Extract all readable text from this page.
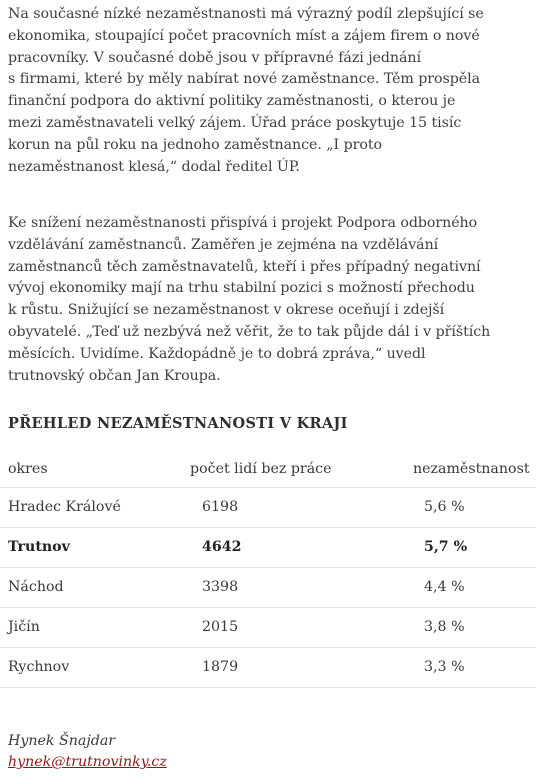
Na současné nízké nezaměstnanosti má výrazný podíl zlepšující se
ekonomika, stoupající počet pracovních míst a zájem firem o nové
pracovníky. V současné době jsou v přípravné fázi jednání
s firmami, které by měly nabírat nové zaměstnance. Těm prospěla
finanční podpora do aktivní politiky zaměstnanosti, o kterou je
mezi zaměstnavateli velký zájem. Úřad práce poskytuje 15 tisíc
korun na půl roku na jednoho zaměstnance. „I proto
nezaměstnanost klesá,“ dodal ředitel ÚP.

Ke snížení nezaměstnanosti přispívá i projekt Podpora odborného
vzdělávání zaměstnanců. Zaměřen je zejména na vzdělávání
zaměstnanců těch zaměstnavatelů, kteří i přes případný negativní
vývoj ekonomiky mají na trhu stabilní pozici s možností přechodu
k růstu. Snižující se nezaměstnanost v okrese oceňují i zdejší
obyvatelé. „Teď už nezbývá než věřit, že to tak půjde dál i v příštích
měsících. Uvidíme. Každopádně je to dobrá zpráva,“ uvedl
trutnovský občan Jan Kroupa.

PŘEHLED NEZAMĚSTNANOSTI V KRAJI
okres	počet lidí bez práce	nezaměstnanost
Hradec Králové	6198	5,6 %
Trutnov	4642	5,7 %
Náchod	3398	4,4 %
Jičín	2015	3,8 %
Rychnov	1879	3,3 %
Hynek Šnajdar
hynek@trutnovinky.cz
